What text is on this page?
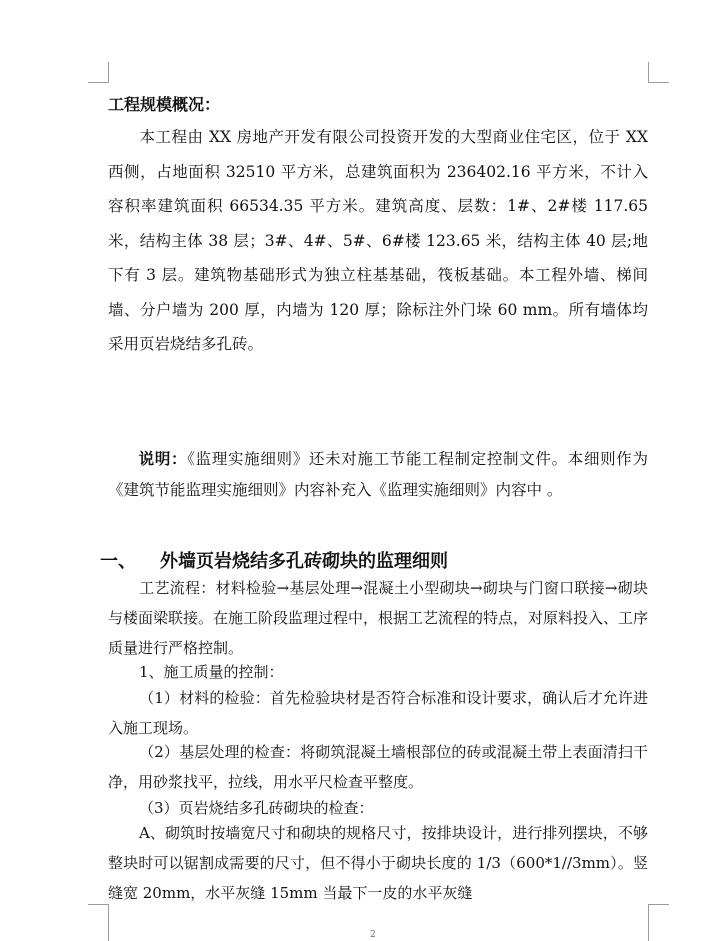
工程规模概况：

本工程由 XX 房地产开发有限公司投资开发的大型商业住宅区，位于 XX 西侧，占地面积 32510 平方米，总建筑面积为 236402.16 平方米，不计入容积率建筑面积 66534.35 平方米。建筑高度、层数：1#、2#楼 117.65 米，结构主体 38 层；3#、4#、5#、6#楼 123.65 米，结构主体 40 层;地下有 3 层。建筑物基础形式为独立柱基基础，筏板基础。本工程外墙、梯间墙、分户墙为 200 厚，内墙为 120 厚；除标注外门垛 60 mm。所有墙体均采用页岩烧结多孔砖。

说明：《监理实施细则》还未对施工节能工程制定控制文件。本细则作为《建筑节能监理实施细则》内容补充入《监理实施细则》内容中 。

一、 外墙页岩烧结多孔砖砌块的监理细则

工艺流程：材料检验→基层处理→混凝土小型砌块→砌块与门窗口联接→砌块与楼面梁联接。在施工阶段监理过程中，根据工艺流程的特点，对原料投入、工序质量进行严格控制。

1、施工质量的控制：

（1）材料的检验：首先检验块材是否符合标准和设计要求，确认后才允许进入施工现场。

（2）基层处理的检查：将砌筑混凝土墙根部位的砖或混凝土带上表面清扫干净，用砂浆找平，拉线，用水平尺检查平整度。

（3）页岩烧结多孔砖砌块的检查：

A、砌筑时按墙宽尺寸和砌块的规格尺寸，按排块设计，进行排列摆块，不够整块时可以锯割成需要的尺寸，但不得小于砌块长度的 1/3（600*1//3mm）。竖缝宽 20mm，水平灰缝 15mm 当最下一皮的水平灰缝

2
